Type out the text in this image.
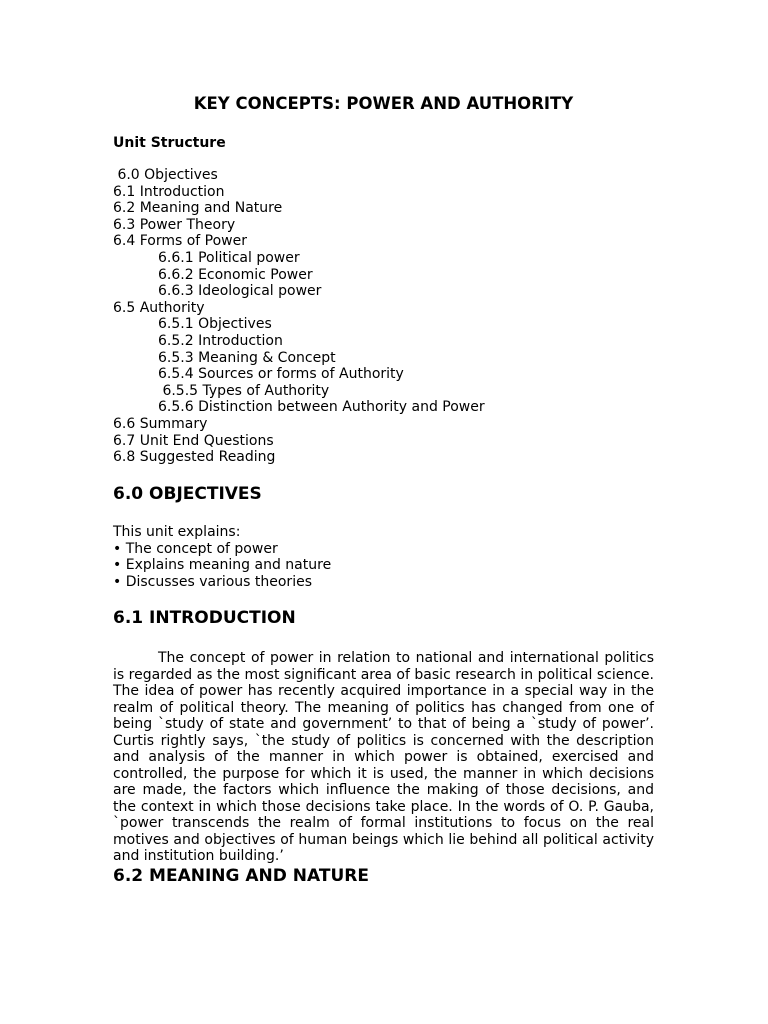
KEY CONCEPTS: POWER AND AUTHORITY
Unit Structure
6.0 Objectives
6.1 Introduction
6.2 Meaning and Nature
6.3 Power Theory
6.4 Forms of Power
6.6.1 Political power
6.6.2 Economic Power
6.6.3 Ideological power
6.5 Authority
6.5.1 Objectives
6.5.2 Introduction
6.5.3 Meaning & Concept
6.5.4 Sources or forms of Authority
6.5.5 Types of Authority
6.5.6 Distinction between Authority and Power
6.6 Summary
6.7 Unit End Questions
6.8 Suggested Reading
6.0 OBJECTIVES
This unit explains:
• The concept of power
• Explains meaning and nature
• Discusses various theories
6.1 INTRODUCTION

The concept of power in relation to national and international politics is regarded as the most significant area of basic research in political science. The idea of power has recently acquired importance in a special way in the realm of political theory. The meaning of politics has changed from one of being `study of state and government’ to that of being a `study of power’. Curtis rightly says, `the study of politics is concerned with the description and analysis of the manner in which power is obtained, exercised and controlled, the purpose for which it is used, the manner in which decisions are made, the factors which influence the making of those decisions, and the context in which those decisions take place. In the words of O. P. Gauba, `power transcends the realm of formal institutions to focus on the real motives and objectives of human beings which lie behind all political activity and institution building.’

6.2 MEANING AND NATURE
